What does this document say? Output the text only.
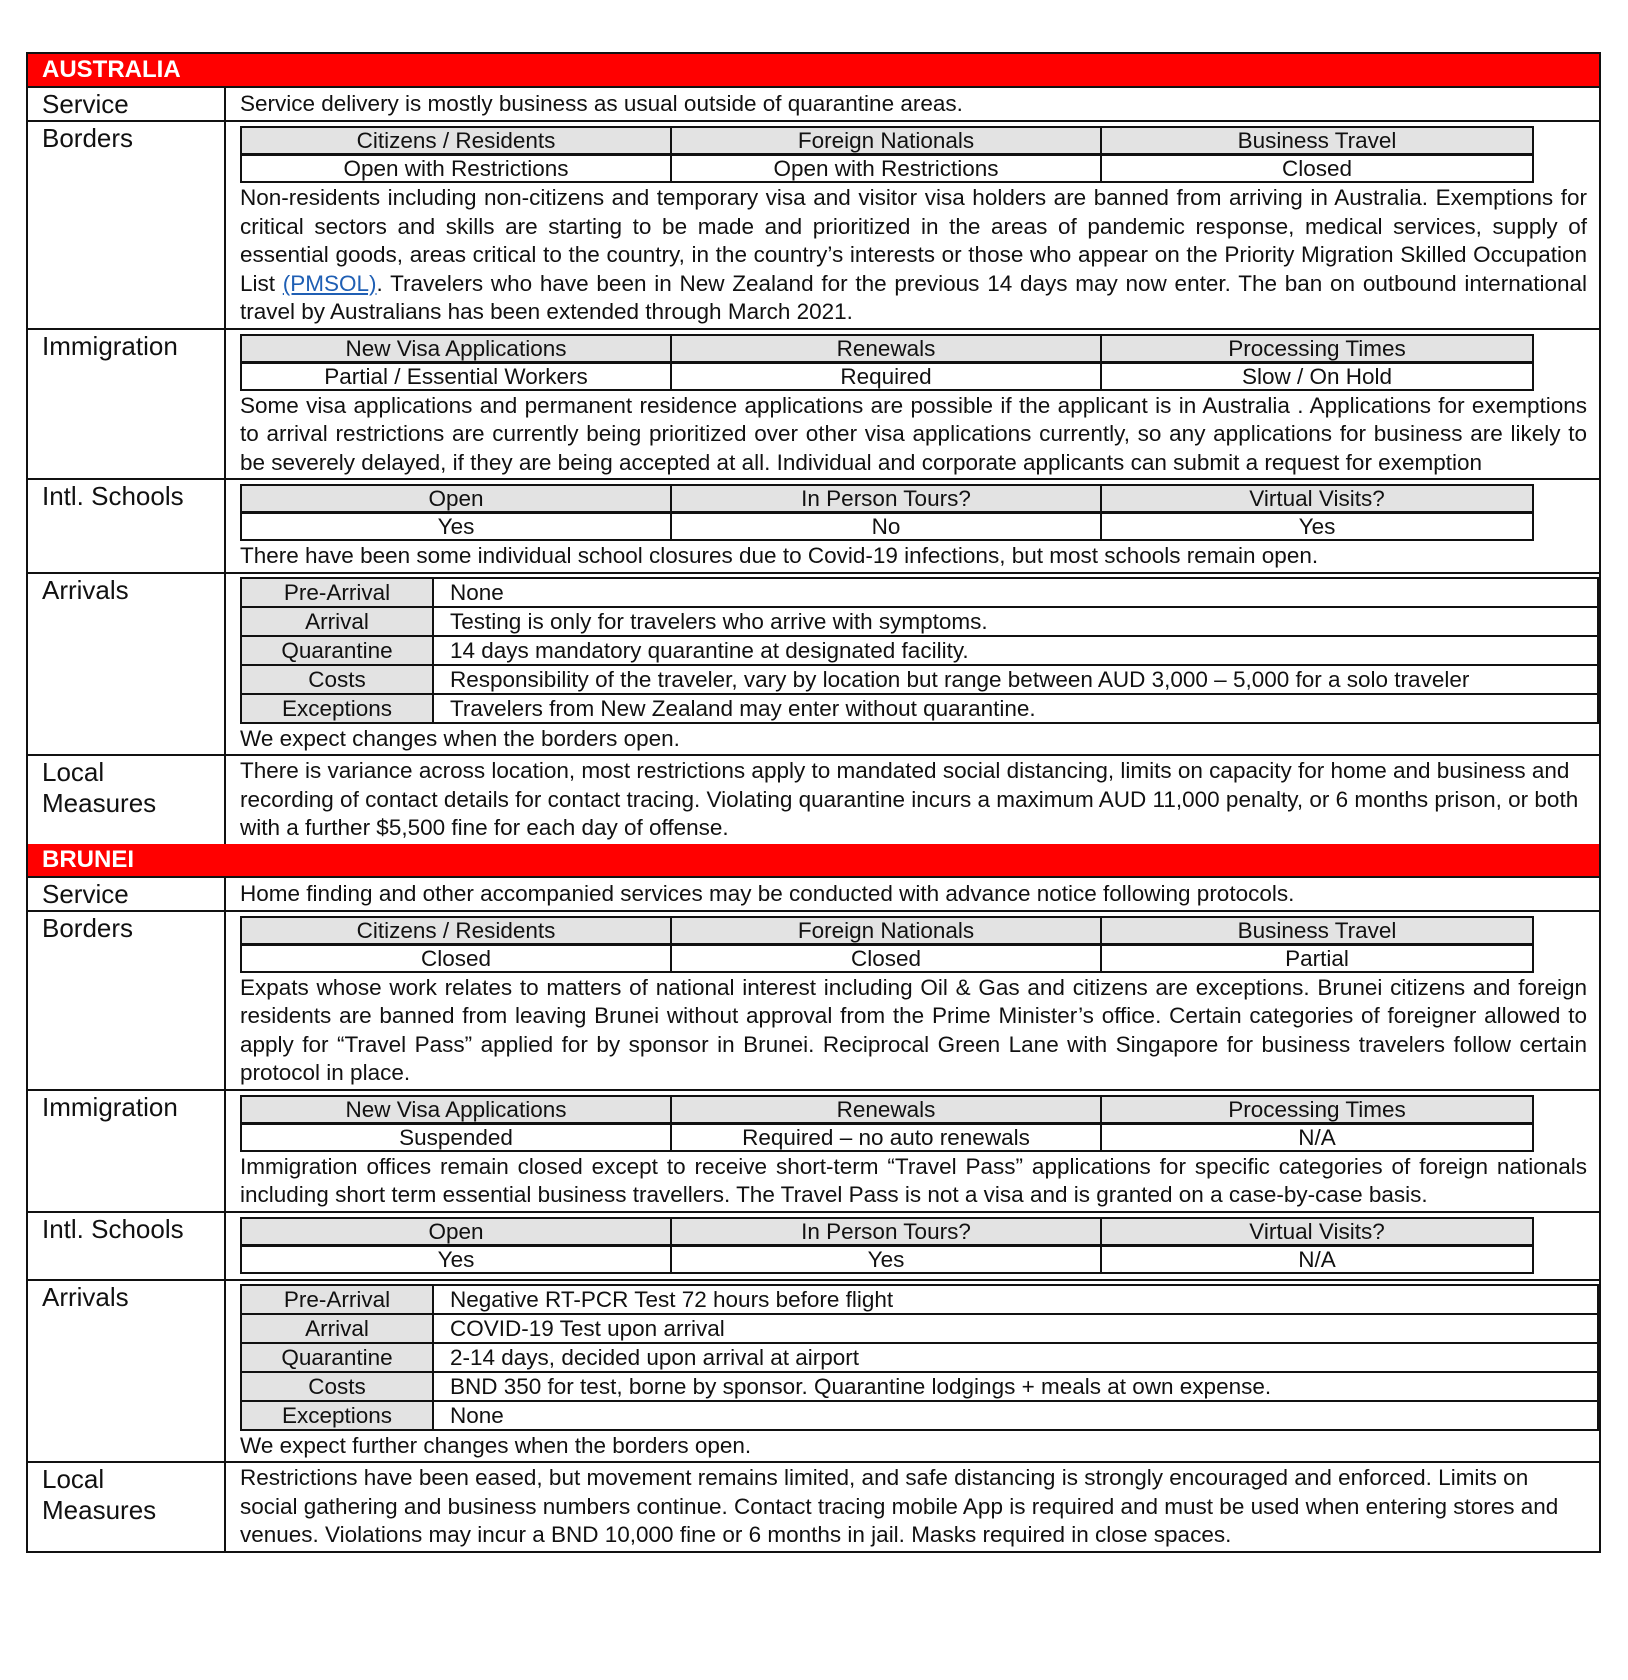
AUSTRALIA
Service	Service delivery is mostly business as usual outside of quarantine areas.
Borders	Citizens / Residents	Foreign Nationals	Business Travel
Open with Restrictions	Open with Restrictions	Closed
Non-residents including non-citizens and temporary visa and visitor visa holders are banned from arriving in Australia. Exemptions for critical sectors and skills are starting to be made and prioritized in the areas of pandemic response, medical services, supply of essential goods, areas critical to the country, in the country’s interests or those who appear on the Priority Migration Skilled Occupation List (PMSOL). Travelers who have been in New Zealand for the previous 14 days may now enter. The ban on outbound international travel by Australians has been extended through March 2021.
Immigration	New Visa Applications	Renewals	Processing Times
Partial / Essential Workers	Required	Slow / On Hold
Some visa applications and permanent residence applications are possible if the applicant is in Australia . Applications for exemptions to arrival restrictions are currently being prioritized over other visa applications currently, so any applications for business are likely to be severely delayed, if they are being accepted at all. Individual and corporate applicants can submit a request for exemption
Intl. Schools	Open	In Person Tours?	Virtual Visits?
Yes	No	Yes
There have been some individual school closures due to Covid-19 infections, but most schools remain open.
Arrivals	Pre-Arrival	None
Arrival	Testing is only for travelers who arrive with symptoms.
Quarantine	14 days mandatory quarantine at designated facility.
Costs	Responsibility of the traveler, vary by location but range between AUD 3,000 – 5,000 for a solo traveler
Exceptions	Travelers from New Zealand may enter without quarantine.
We expect changes when the borders open.
Local
Measures
There is variance across location, most restrictions apply to mandated social distancing, limits on capacity for home and business and recording of contact details for contact tracing. Violating quarantine incurs a maximum AUD 11,000 penalty, or 6 months prison, or both with a further $5,500 fine for each day of offense.
BRUNEI
Service	Home finding and other accompanied services may be conducted with advance notice following protocols.
Borders	Citizens / Residents	Foreign Nationals	Business Travel
Closed	Closed	Partial
Expats whose work relates to matters of national interest including Oil & Gas and citizens are exceptions. Brunei citizens and foreign residents are banned from leaving Brunei without approval from the Prime Minister’s office. Certain categories of foreigner allowed to apply for “Travel Pass” applied for by sponsor in Brunei. Reciprocal Green Lane with Singapore for business travelers follow certain protocol in place.
Immigration	New Visa Applications	Renewals	Processing Times
Suspended	Required – no auto renewals	N/A
Immigration offices remain closed except to receive short-term “Travel Pass” applications for specific categories of foreign nationals including short term essential business travellers. The Travel Pass is not a visa and is granted on a case-by-case basis.
Intl. Schools	Open	In Person Tours?	Virtual Visits?
Yes	Yes	N/A
Arrivals	Pre-Arrival	Negative RT-PCR Test 72 hours before flight
Arrival	COVID-19 Test upon arrival
Quarantine	2-14 days, decided upon arrival at airport
Costs	BND 350 for test, borne by sponsor. Quarantine lodgings + meals at own expense.
Exceptions	None
We expect further changes when the borders open.
Local
Measures
Restrictions have been eased, but movement remains limited, and safe distancing is strongly encouraged and enforced. Limits on social gathering and business numbers continue. Contact tracing mobile App is required and must be used when entering stores and venues. Violations may incur a BND 10,000 fine or 6 months in jail. Masks required in close spaces.
